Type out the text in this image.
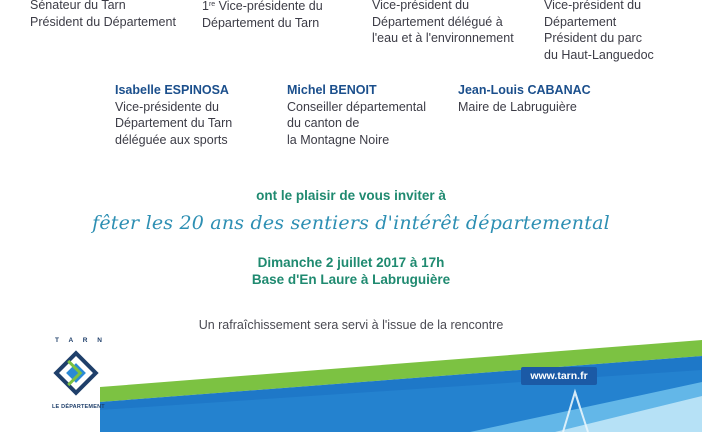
Sénateur du Tarn
Président du Département
1re Vice-présidente du
Département du Tarn
Vice-président du
Département délégué à
l'eau et à l'environnement
Vice-président du
Département
Président du parc
du Haut-Languedoc
Isabelle ESPINOSA
Vice-présidente du
Département du Tarn
déléguée aux sports
Michel BENOIT
Conseiller départemental
du canton de
la Montagne Noire
Jean-Louis CABANAC
Maire de Labruguière
ont le plaisir de vous inviter à
fêter les 20 ans des sentiers d'intérêt départemental
Dimanche 2 juillet 2017 à 17h
Base d'En Laure à Labruguière
Un rafraîchissement sera servi à l'issue de la rencontre
T A R N
LE DÉPARTEMENT
www.tarn.fr
